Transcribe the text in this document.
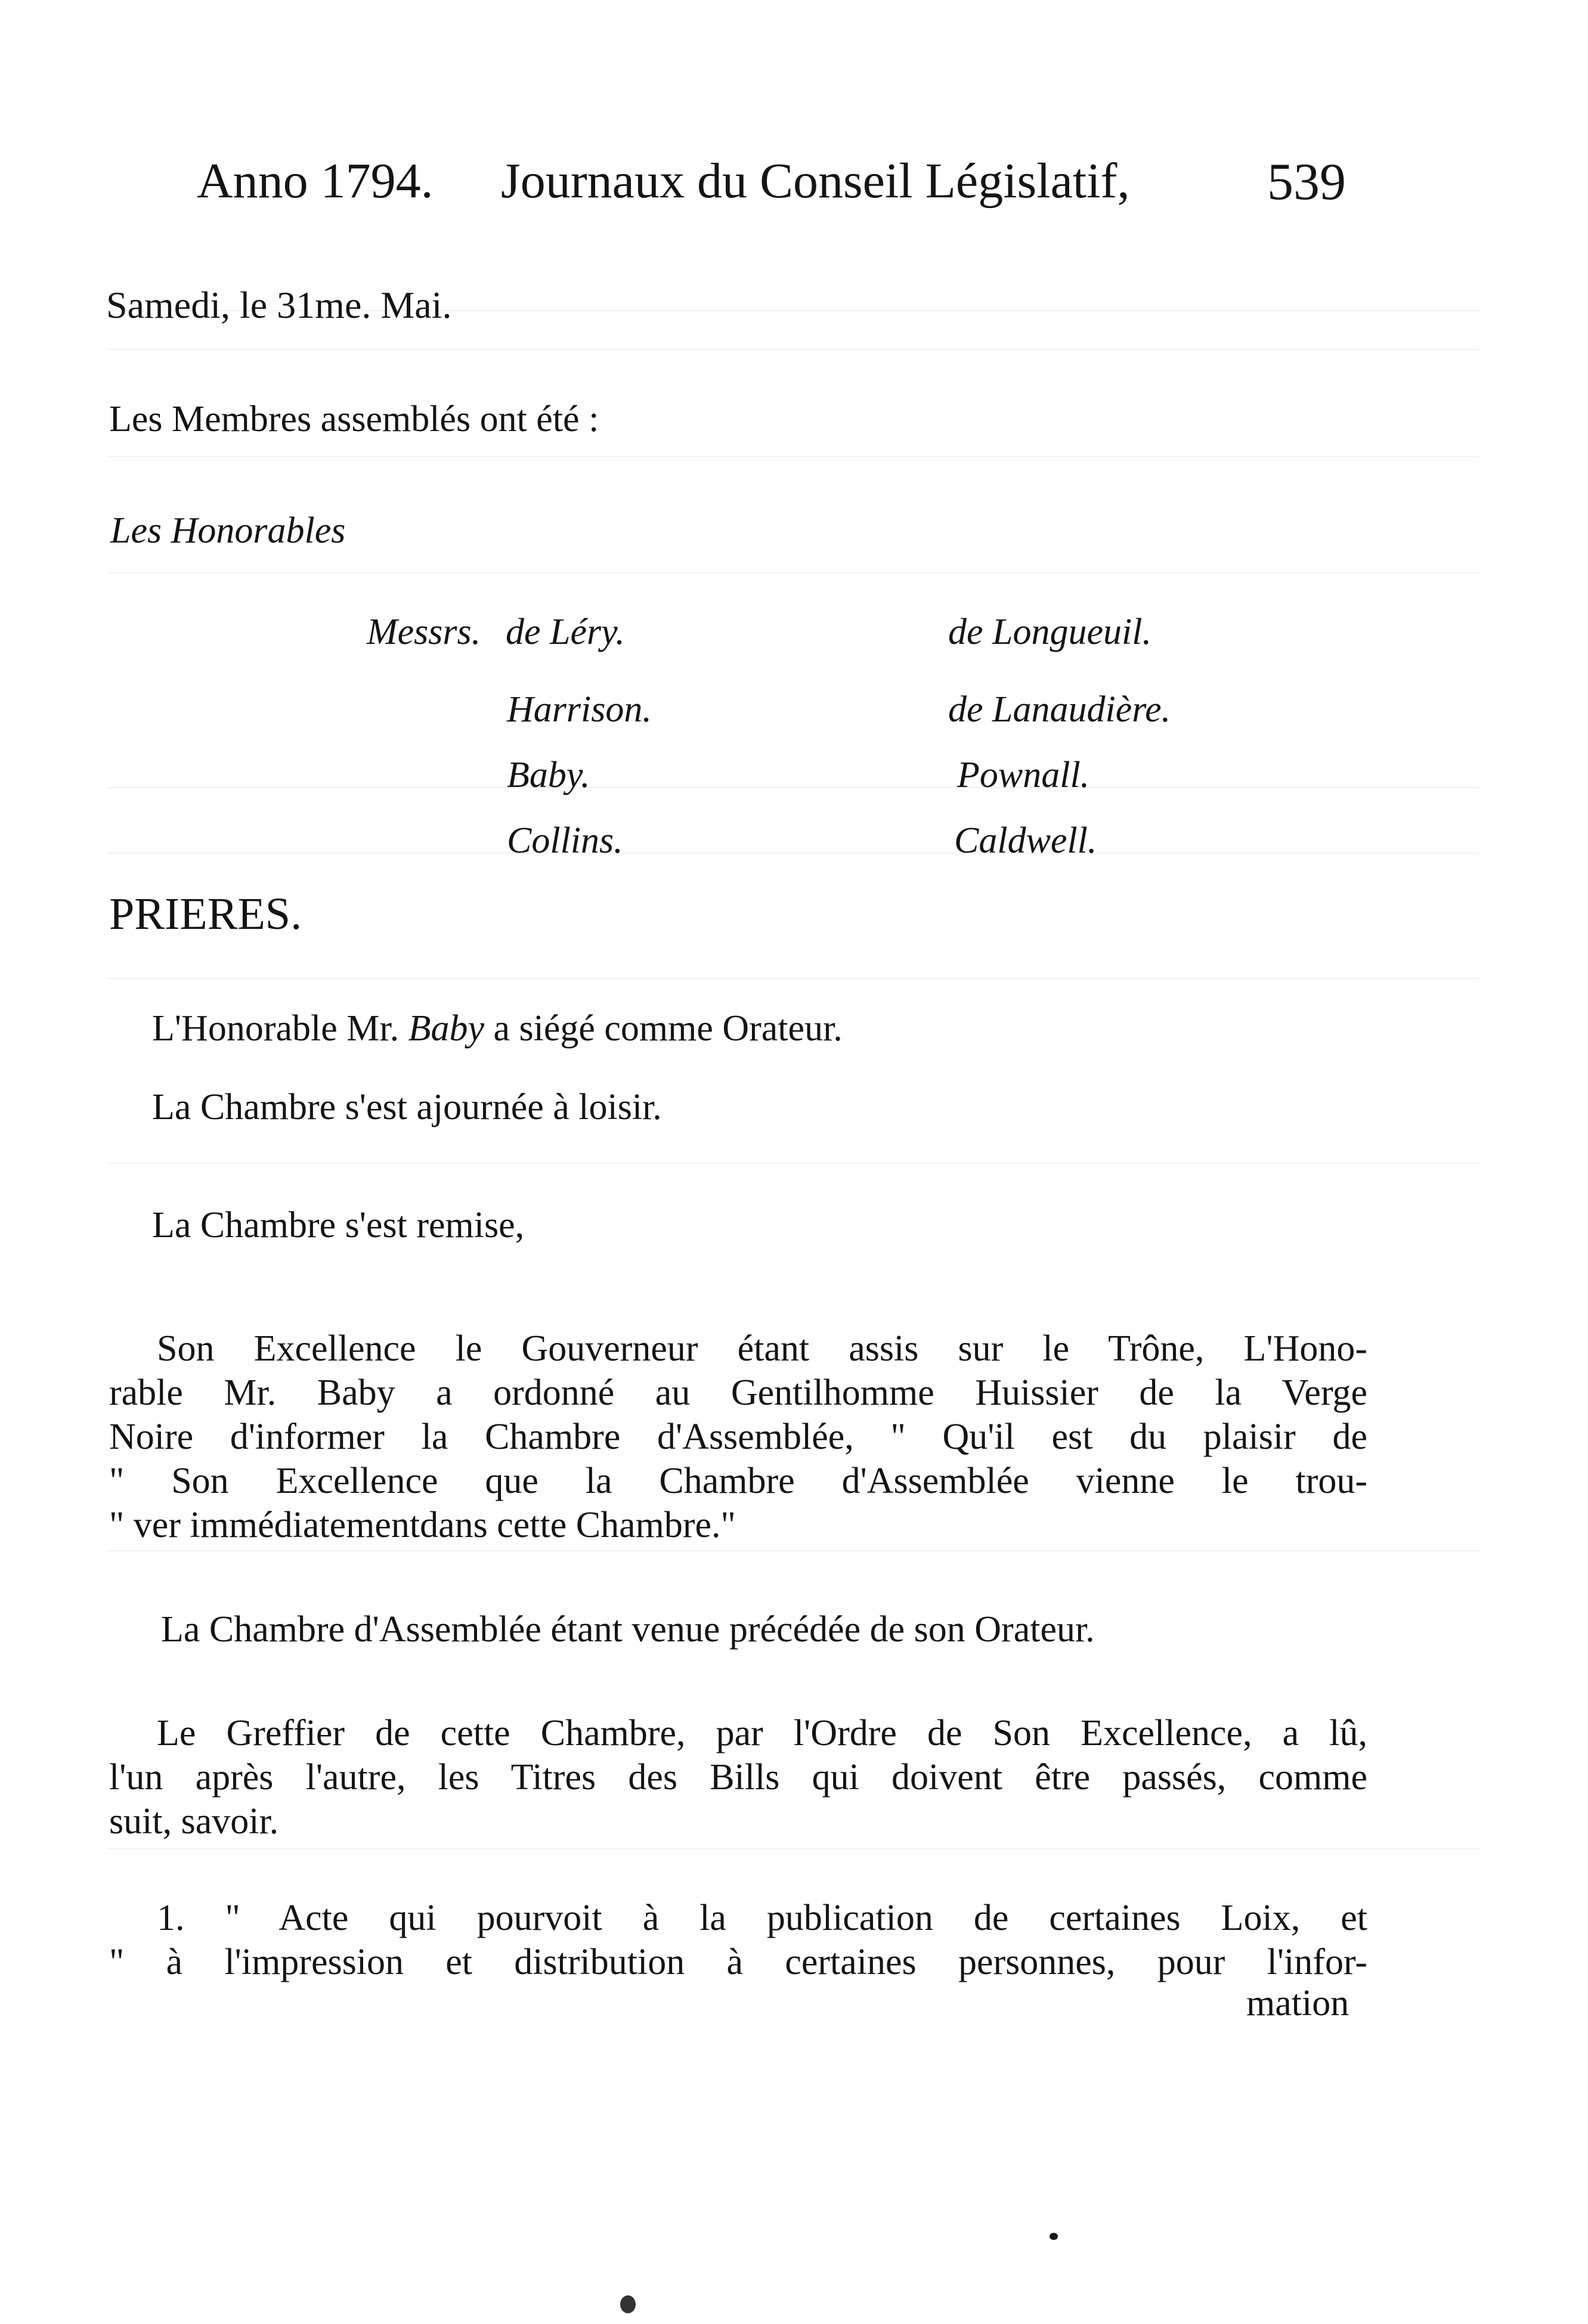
Anno 1794. Journaux du Conseil Législatif,	539
Samedi, le 31me. Mai.
Les Membres assemblés ont été :
Les Honorables
Messrs. de Léry.
Harrison.
Baby.
Collins.
de Longueuil.
de Lanaudière.
Pownall.
Caldwell.
PRIERES.
L'Honorable Mr. Baby a siégé comme Orateur.
La Chambre s'est ajournée à loisir.
La Chambre s'est remise,
Son Excellence le Gouverneur étant assis sur le Trône, L'Hono-
rable Mr. Baby a ordonné au Gentilhomme Huissier de la Verge
Noire d'informer la Chambre d'Assemblée, " Qu'il est du plaisir de
" Son Excellence que la Chambre d'Assemblée vienne le trou-
" ver immédiatementdans cette Chambre."
La Chambre d'Assemblée étant venue précédée de son Orateur.
Le Greffier de cette Chambre, par l'Ordre de Son Excellence, a lû,
l'un après l'autre, les Titres des Bills qui doivent être passés, comme
suit, savoir.
1. " Acte qui pourvoit à la publication de certaines Loix, et
" à l'impression et distribution à certaines personnes, pour l'infor-
mation
